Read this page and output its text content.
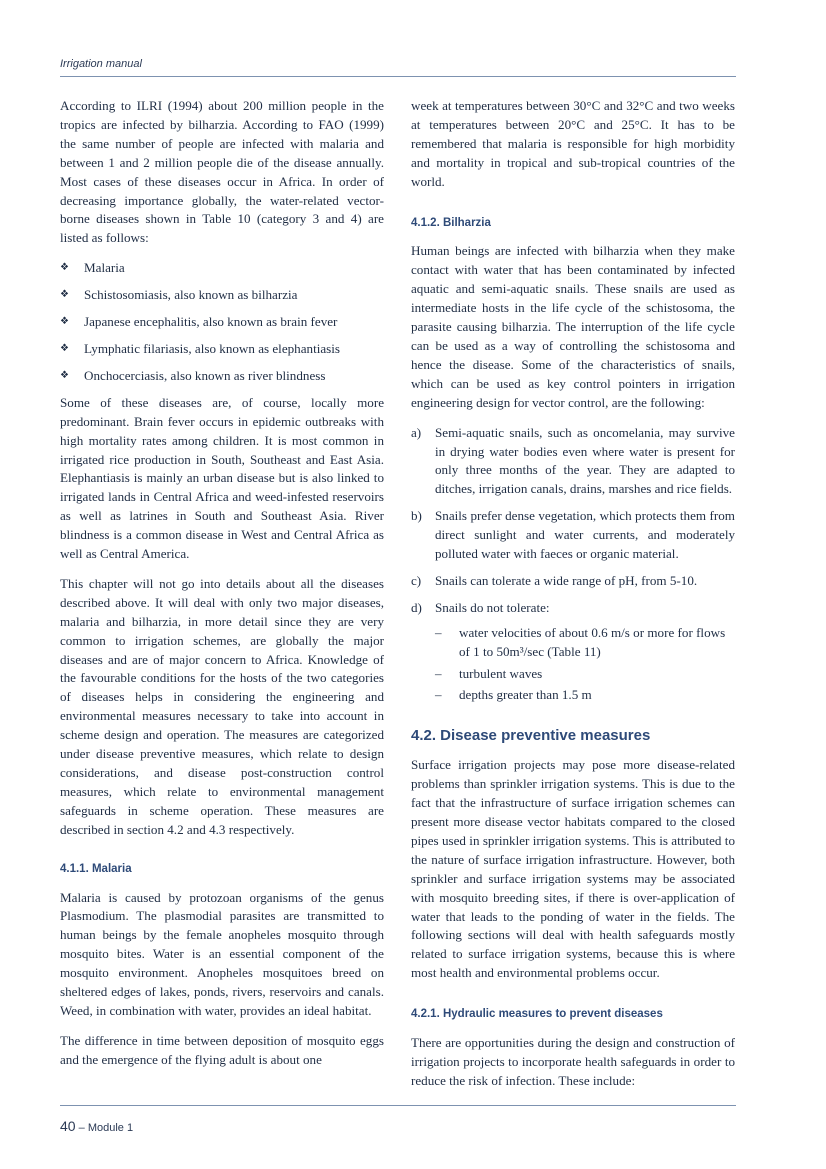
Irrigation manual

According to ILRI (1994) about 200 million people in the tropics are infected by bilharzia. According to FAO (1999) the same number of people are infected with malaria and between 1 and 2 million people die of the disease annually. Most cases of these diseases occur in Africa. In order of decreasing importance globally, the water-related vector-borne diseases shown in Table 10 (category 3 and 4) are listed as follows:

❖ Malaria
❖ Schistosomiasis, also known as bilharzia
❖ Japanese encephalitis, also known as brain fever
❖ Lymphatic filariasis, also known as elephantiasis
❖ Onchocerciasis, also known as river blindness

Some of these diseases are, of course, locally more predominant. Brain fever occurs in epidemic outbreaks with high mortality rates among children. It is most common in irrigated rice production in South, Southeast and East Asia. Elephantiasis is mainly an urban disease but is also linked to irrigated lands in Central Africa and weed-infested reservoirs as well as latrines in South and Southeast Asia. River blindness is a common disease in West and Central Africa as well as Central America.

This chapter will not go into details about all the diseases described above. It will deal with only two major diseases, malaria and bilharzia, in more detail since they are very common to irrigation schemes, are globally the major diseases and are of major concern to Africa. Knowledge of the favourable conditions for the hosts of the two categories of diseases helps in considering the engineering and environmental measures necessary to take into account in scheme design and operation. The measures are categorized under disease preventive measures, which relate to design considerations, and disease post-construction control measures, which relate to environmental management safeguards in scheme operation. These measures are described in section 4.2 and 4.3 respectively.

4.1.1. Malaria

Malaria is caused by protozoan organisms of the genus Plasmodium. The plasmodial parasites are transmitted to human beings by the female anopheles mosquito through mosquito bites. Water is an essential component of the mosquito environment. Anopheles mosquitoes breed on sheltered edges of lakes, ponds, rivers, reservoirs and canals. Weed, in combination with water, provides an ideal habitat.

The difference in time between deposition of mosquito eggs and the emergence of the flying adult is about one

week at temperatures between 30°C and 32°C and two weeks at temperatures between 20°C and 25°C. It has to be remembered that malaria is responsible for high morbidity and mortality in tropical and sub-tropical countries of the world.

4.1.2. Bilharzia

Human beings are infected with bilharzia when they make contact with water that has been contaminated by infected aquatic and semi-aquatic snails. These snails are used as intermediate hosts in the life cycle of the schistosoma, the parasite causing bilharzia. The interruption of the life cycle can be used as a way of controlling the schistosoma and hence the disease. Some of the characteristics of snails, which can be used as key control pointers in irrigation engineering design for vector control, are the following:

a) Semi-aquatic snails, such as oncomelania, may survive in drying water bodies even where water is present for only three months of the year. They are adapted to ditches, irrigation canals, drains, marshes and rice fields.
b) Snails prefer dense vegetation, which protects them from direct sunlight and water currents, and moderately polluted water with faeces or organic material.
c) Snails can tolerate a wide range of pH, from 5-10.
d) Snails do not tolerate:
– water velocities of about 0.6 m/s or more for flows of 1 to 50m³/sec (Table 11)
– turbulent waves
– depths greater than 1.5 m
4.2. Disease preventive measures

Surface irrigation projects may pose more disease-related problems than sprinkler irrigation systems. This is due to the fact that the infrastructure of surface irrigation schemes can present more disease vector habitats compared to the closed pipes used in sprinkler irrigation systems. This is attributed to the nature of surface irrigation infrastructure. However, both sprinkler and surface irrigation systems may be associated with mosquito breeding sites, if there is over-application of water that leads to the ponding of water in the fields. The following sections will deal with health safeguards mostly related to surface irrigation systems, because this is where most health and environmental problems occur.

4.2.1. Hydraulic measures to prevent diseases

There are opportunities during the design and construction of irrigation projects to incorporate health safeguards in order to reduce the risk of infection. These include:

40 – Module 1
